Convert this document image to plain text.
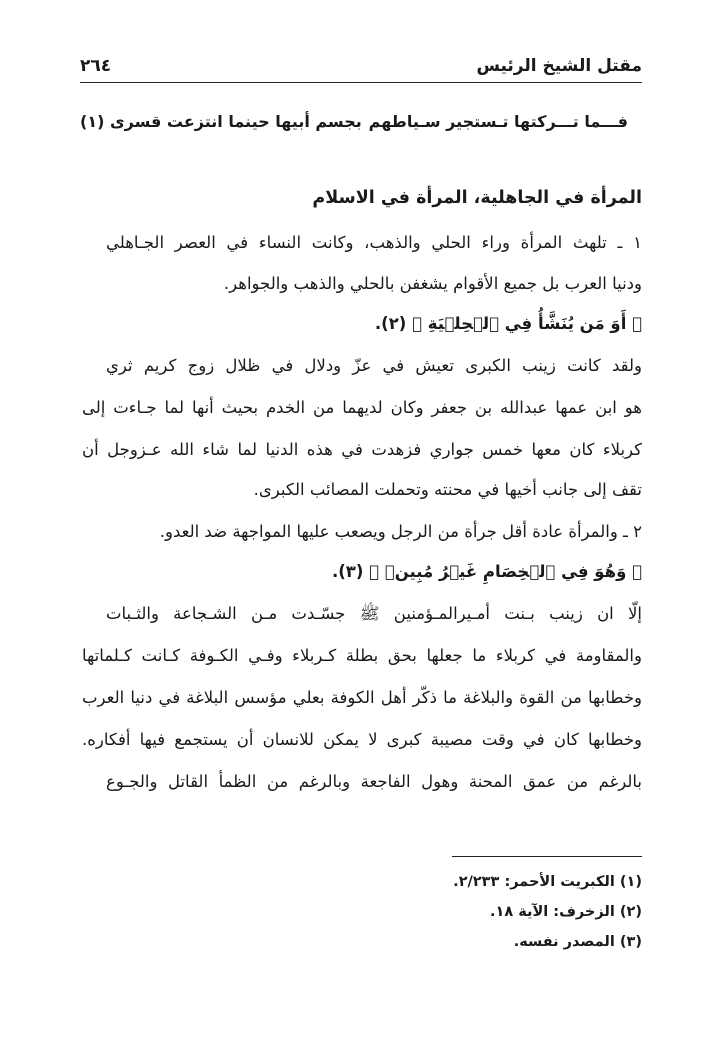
مقتل الشيخ الرئيس
٢٦٤
فـــما تـــركتها تـستجير سـياطهم
بجسم أبيها حينما انتزعت قسرى (١)
المرأة في الجاهلية، المرأة في الاسلام
١ ـ تلهث المرأة وراء الحلي والذهب، وكانت النساء في العصر الجـاهلي
ودنيا العرب بل جميع الأقوام يشغفن بالحلي والذهب والجواهر.
﴿ أَوَ مَن يُنَشَّأُ فِي ٱلۡحِلۡيَةِ ﴾ (٢).
ولقد كانت زينب الكبرى تعيش في عزّ ودلال في ظلال زوج كريم ثري
هو ابن عمها عبدالله بن جعفر وكان لديهما من الخدم بحيث أنها لما جـاءت إلى
كربلاء كان معها خمس جواري فزهدت في هذه الدنيا لما شاء الله عـزوجل أن
تقف إلى جانب أخيها في محنته وتحملت المصائب الكبرى.
٢ ـ والمرأة عادة أقل جرأة من الرجل ويصعب عليها المواجهة ضد العدو.
﴿ وَهُوَ فِي ٱلۡخِصَامِ غَيۡرُ مُبِينٖ ﴾ (٣).
إلّا ان زينب بـنت أمـيرالمـؤمنين ﷺ جسّـدت مـن الشـجاعة والثـبات
والمقاومة في كربلاء ما جعلها بحق بطلة كـربلاء وفـي الكـوفة كـانت كـلماتها
وخطابها من القوة والبلاغة ما ذكّر أهل الكوفة بعلي مؤسس البلاغة في دنيا العرب
وخطابها كان في وقت مصيبة كبرى لا يمكن للانسان أن يستجمع فيها أفكاره.
بالرغم من عمق المحنة وهول الفاجعة وبالرغم من الظمأ القاتل والجـوع
(١) الكبريت الأحمر: ٢/٢٣٣.
(٢) الزخرف: الآية ١٨.
(٣) المصدر نفسه.
